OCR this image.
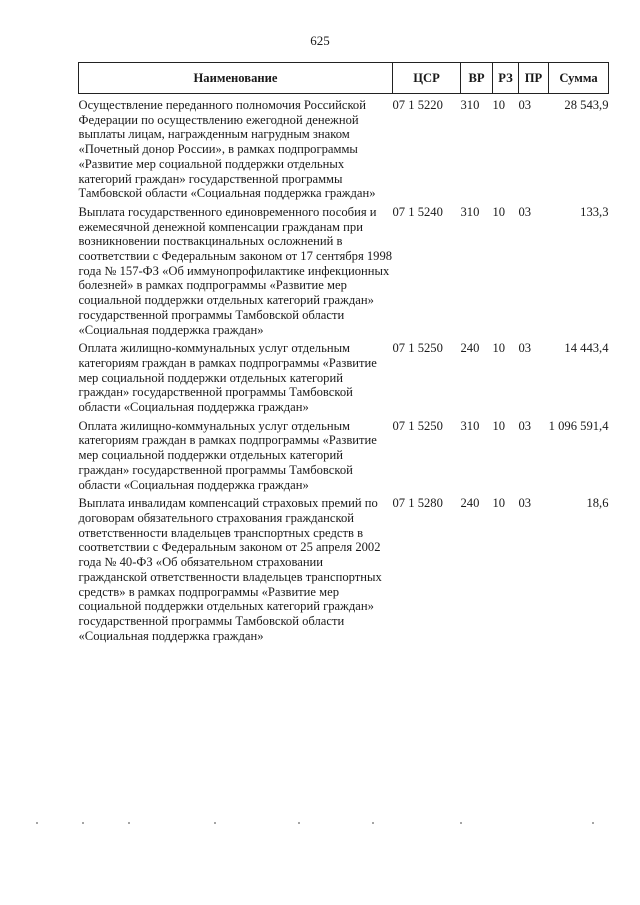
625
Наименование	ЦСР	ВР	РЗ	ПР	Сумма
Осуществление переданного полномочия Российской Федерации по осуществлению ежегодной денежной выплаты лицам, награжденным нагрудным знаком «Почетный донор России», в рамках подпрограммы «Развитие мер социальной поддержки отдельных категорий граждан» государственной программы Тамбовской области «Социальная поддержка граждан»	07 1 5220	310	10	03	28 543,9
Выплата государственного единовременного пособия и ежемесячной денежной компенсации гражданам при возникновении поствакцинальных осложнений в соответствии с Федеральным законом от 17 сентября 1998 года № 157-ФЗ «Об иммунопрофилактике инфекционных болезней» в рамках подпрограммы «Развитие мер социальной поддержки отдельных категорий граждан» государственной программы Тамбовской области «Социальная поддержка граждан»	07 1 5240	310	10	03	133,3
Оплата жилищно-коммунальных услуг отдельным категориям граждан в рамках подпрограммы «Развитие мер социальной поддержки отдельных категорий граждан» государственной программы Тамбовской области «Социальная поддержка граждан»	07 1 5250	240	10	03	14 443,4
Оплата жилищно-коммунальных услуг отдельным категориям граждан в рамках подпрограммы «Развитие мер социальной поддержки отдельных категорий граждан» государственной программы Тамбовской области «Социальная поддержка граждан»	07 1 5250	310	10	03	1 096 591,4
Выплата инвалидам компенсаций страховых премий по договорам обязательного страхования гражданской ответственности владельцев транспортных средств в соответствии с Федеральным законом от 25 апреля 2002 года № 40-ФЗ «Об обязательном страховании гражданской ответственности владельцев транспортных средств» в рамках подпрограммы «Развитие мер социальной поддержки отдельных категорий граждан» государственной программы Тамбовской области «Социальная поддержка граждан»	07 1 5280	240	10	03	18,6
